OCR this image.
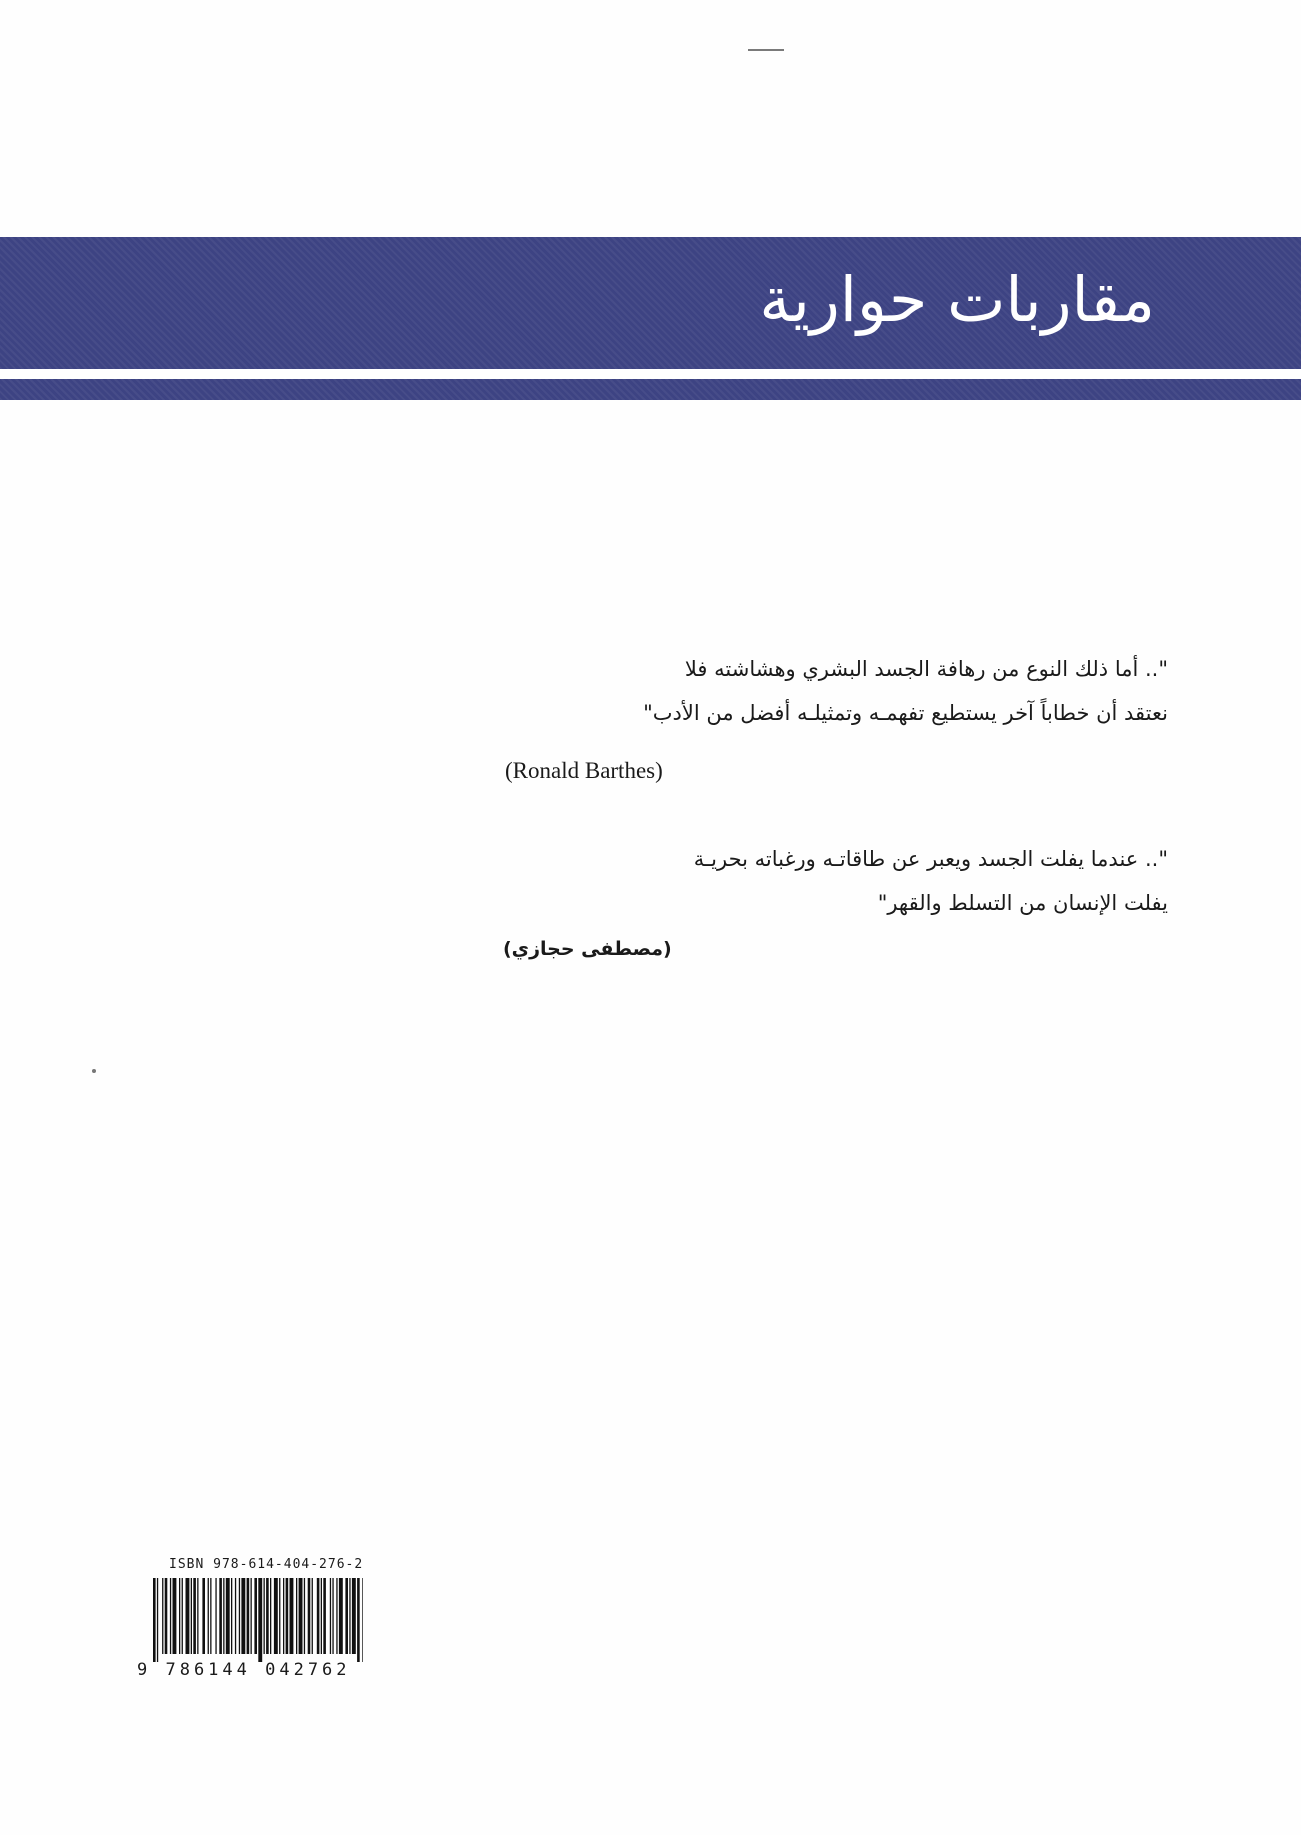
مقاربات حوارية
".. أما ذلك النوع من رهافة الجسد البشري وهشاشته فلا
نعتقد أن خطاباً آخر يستطيع تفهمـه وتمثيلـه أفضل من الأدب"
(Ronald Barthes)
".. عندما يفلت الجسد ويعبر عن طاقاتـه ورغباته بحريـة
يفلت الإنسان من التسلط والقهر"
(مصطفى حجازي)
ISBN 978-614-404-276-2
9 786144 042762
